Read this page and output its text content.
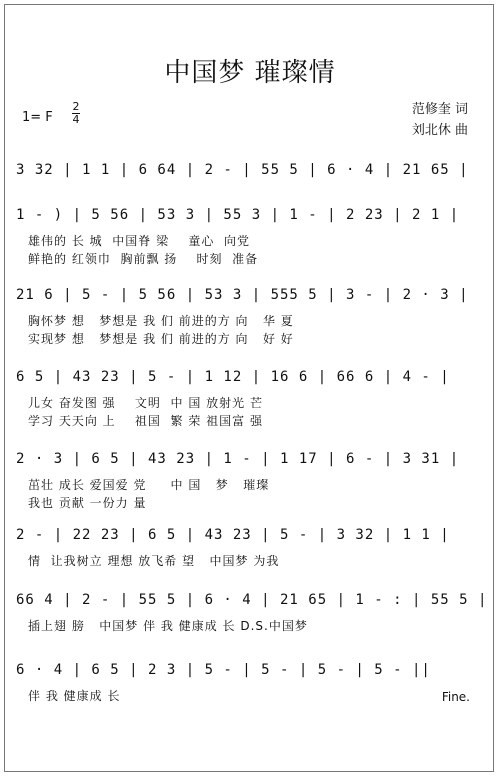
中国梦 璀璨情
1= F
2
4
范修奎 词
刘北休 曲
3 32 | 1 1 | 6 64 | 2 - | 55 5 | 6 · 4 | 21 65 |
1 - ) | 5 56 | 53 3 | 55 3 | 1 - | 2 23 | 2 1 |
雄伟的 长 城  中国脊 梁    童心  向党
鲜艳的 红领巾  胸前飘 扬    时刻  准备
21 6 | 5 - | 5 56 | 53 3 | 555 5 | 3 - | 2 · 3 |
胸怀梦 想   梦想是 我 们 前进的方 向   华 夏
实现梦 想   梦想是 我 们 前进的方 向   好 好
6 5 | 43 23 | 5 - | 1 12 | 16 6 | 66 6 | 4 - |
儿女 奋发图 强    文明  中 国 放射光 芒
学习 天天向 上    祖国  繁 荣 祖国富 强
2 · 3 | 6 5 | 43 23 | 1 - | 1 17 | 6 - | 3 31 |
茁壮 成长 爱国爱 党     中 国   梦   璀璨
我也 贡献 一份力 量
2 - | 22 23 | 6 5 | 43 23 | 5 - | 3 32 | 1 1 |
情  让我树立 理想 放飞希 望   中国梦 为我
66 4 | 2 - | 55 5 | 6 · 4 | 21 65 | 1 - : | 55 5 |
插上翅 膀   中国梦 伴 我 健康成 长 D.S.中国梦
6 · 4 | 6 5 | 2 3 | 5 - | 5 - | 5 - | 5 - ||
伴 我 健康成 长	Fine.
